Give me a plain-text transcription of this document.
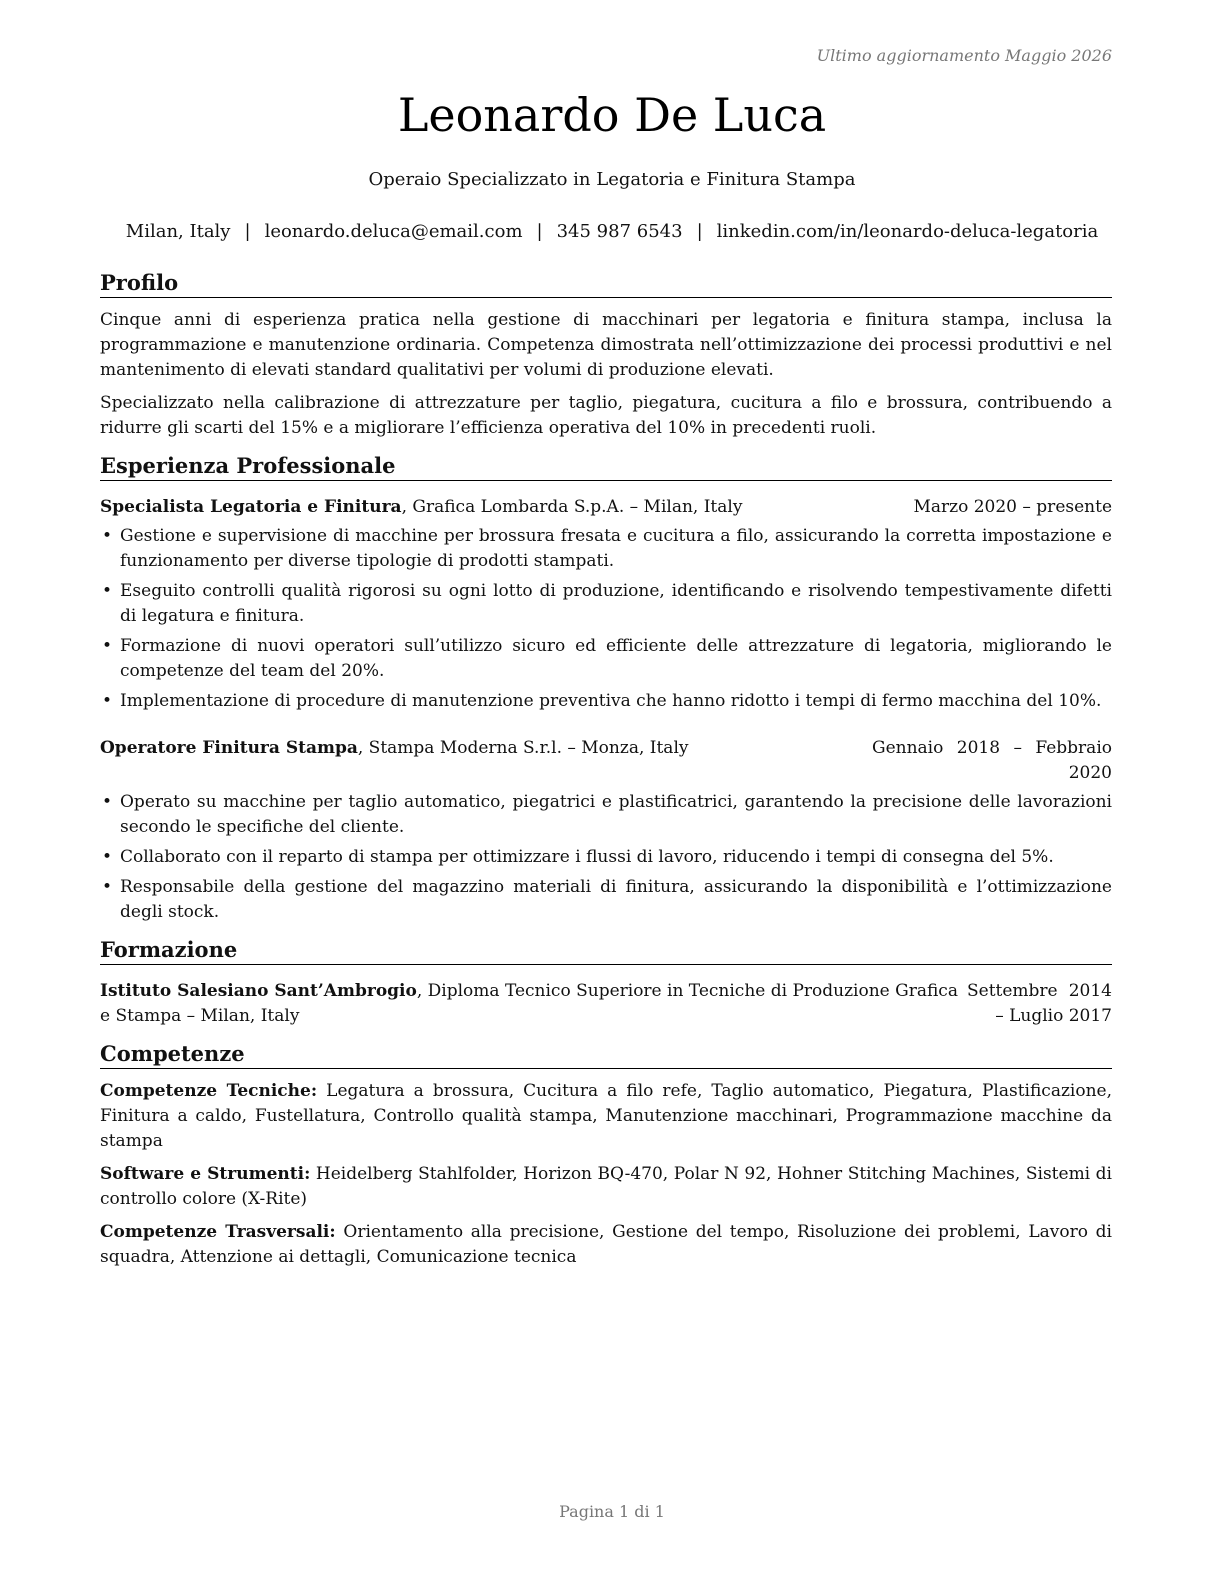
Ultimo aggiornamento Maggio 2026
Leonardo De Luca
Operaio Specializzato in Legatoria e Finitura Stampa
Milan, Italy | leonardo.deluca@email.com | 345 987 6543 | linkedin.com/in/leonardo-deluca-legatoria
Profilo

Cinque anni di esperienza pratica nella gestione di macchinari per legatoria e finitura stampa, inclusa la programmazione e manutenzione ordinaria. Competenza dimostrata nell’ottimizzazione dei processi produttivi e nel mantenimento di elevati standard qualitativi per volumi di produzione elevati.

Specializzato nella calibrazione di attrezzature per taglio, piegatura, cucitura a filo e brossura, contribuendo a ridurre gli scarti del 15% e a migliorare l’efficienza operativa del 10% in precedenti ruoli.

Esperienza Professionale
Specialista Legatoria e Finitura, Grafica Lombarda S.p.A. – Milan, Italy	Marzo 2020 – presente
• Gestione e supervisione di macchine per brossura fresata e cucitura a filo, assicurando la corretta impostazione e funzionamento per diverse tipologie di prodotti stampati.
• Eseguito controlli qualità rigorosi su ogni lotto di produzione, identificando e risolvendo tempestivamente difetti di legatura e finitura.
• Formazione di nuovi operatori sull’utilizzo sicuro ed efficiente delle attrezzature di legatoria, migliorando le competenze del team del 20%.
• Implementazione di procedure di manutenzione preventiva che hanno ridotto i tempi di fermo macchina del 10%.
Operatore Finitura Stampa, Stampa Moderna S.r.l. – Monza, Italy	Gennaio 2018 – Febbraio 2020
• Operato su macchine per taglio automatico, piegatrici e plastificatrici, garantendo la precisione delle lavorazioni secondo le specifiche del cliente.
• Collaborato con il reparto di stampa per ottimizzare i flussi di lavoro, riducendo i tempi di consegna del 5%.
• Responsabile della gestione del magazzino materiali di finitura, assicurando la disponibilità e l’ottimizzazione degli stock.
Formazione
Istituto Salesiano Sant’Ambrogio, Diploma Tecnico Superiore in Tecniche di Produzione Grafica e Stampa – Milan, Italy
Settembre 2014 – Luglio 2017
Competenze

Competenze Tecniche: Legatura a brossura, Cucitura a filo refe, Taglio automatico, Piegatura, Plastificazione, Finitura a caldo, Fustellatura, Controllo qualità stampa, Manutenzione macchinari, Programmazione macchine da stampa

Software e Strumenti: Heidelberg Stahlfolder, Horizon BQ-470, Polar N 92, Hohner Stitching Machines, Sistemi di controllo colore (X-Rite)

Competenze Trasversali: Orientamento alla precisione, Gestione del tempo, Risoluzione dei problemi, Lavoro di squadra, Attenzione ai dettagli, Comunicazione tecnica

Pagina 1 di 1
